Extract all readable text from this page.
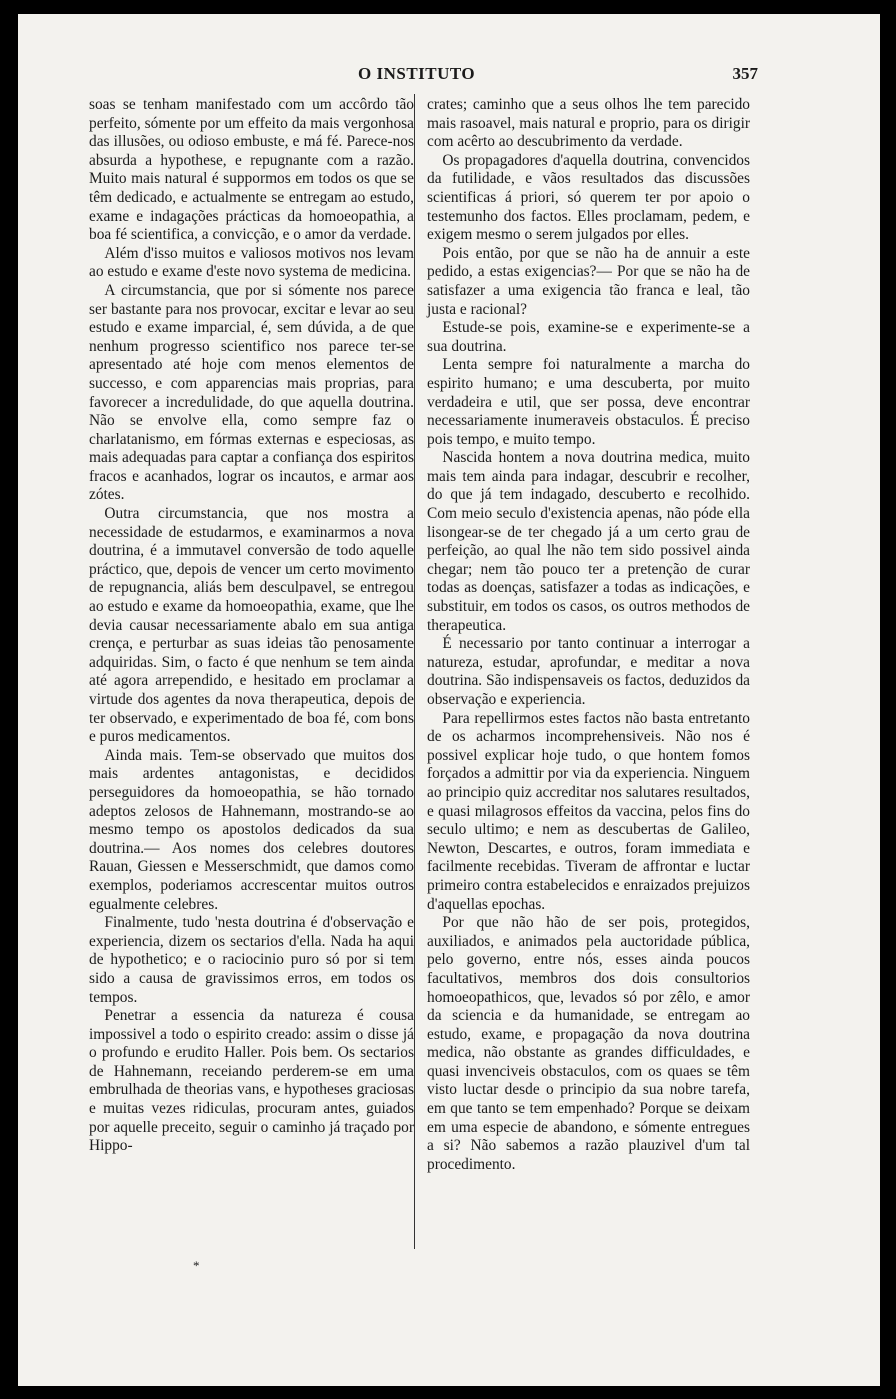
O INSTITUTO	357

soas se tenham manifestado com um accôrdo tão perfeito, sómente por um effeito da mais vergonhosa das illusões, ou odioso embuste, e má fé. Parece-nos absurda a hypothese, e repugnante com a razão. Muito mais natural é suppormos em todos os que se têm dedicado, e actualmente se entregam ao estudo, exame e indagações prácticas da homoeopathia, a boa fé scientifica, a convicção, e o amor da verdade.

Além d'isso muitos e valiosos motivos nos levam ao estudo e exame d'este novo systema de medicina.

A circumstancia, que por si sómente nos parece ser bastante para nos provocar, excitar e levar ao seu estudo e exame imparcial, é, sem dúvida, a de que nenhum progresso scientifico nos parece ter-se apresentado até hoje com menos elementos de successo, e com apparencias mais proprias, para favorecer a incredulidade, do que aquella doutrina. Não se envolve ella, como sempre faz o charlatanismo, em fórmas externas e especiosas, as mais adequadas para captar a confiança dos espiritos fracos e acanhados, lograr os incautos, e armar aos zótes.

Outra circumstancia, que nos mostra a necessidade de estudarmos, e examinarmos a nova doutrina, é a immutavel conversão de todo aquelle práctico, que, depois de vencer um certo movimento de repugnancia, aliás bem desculpavel, se entregou ao estudo e exame da homoeopathia, exame, que lhe devia causar necessariamente abalo em sua antiga crença, e perturbar as suas ideias tão penosamente adquiridas. Sim, o facto é que nenhum se tem ainda até agora arrependido, e hesitado em proclamar a virtude dos agentes da nova therapeutica, depois de ter observado, e experimentado de boa fé, com bons e puros medicamentos.

Ainda mais. Tem-se observado que muitos dos mais ardentes antagonistas, e decididos perseguidores da homoeopathia, se hão tornado adeptos zelosos de Hahnemann, mostrando-se ao mesmo tempo os apostolos dedicados da sua doutrina.— Aos nomes dos celebres doutores Rauan, Giessen e Messerschmidt, que damos como exemplos, poderiamos accrescentar muitos outros egualmente celebres.

Finalmente, tudo 'nesta doutrina é d'observação e experiencia, dizem os sectarios d'ella. Nada ha aqui de hypothetico; e o raciocinio puro só por si tem sido a causa de gravissimos erros, em todos os tempos.

Penetrar a essencia da natureza é cousa impossivel a todo o espirito creado: assim o disse já o profundo e erudito Haller. Pois bem. Os sectarios de Hahnemann, receiando perderem-se em uma embrulhada de theorias vans, e hypotheses graciosas e muitas vezes ridiculas, procuram antes, guiados por aquelle preceito, seguir o caminho já traçado por Hippo-

crates; caminho que a seus olhos lhe tem parecido mais rasoavel, mais natural e proprio, para os dirigir com acêrto ao descubrimento da verdade.

Os propagadores d'aquella doutrina, convencidos da futilidade, e vãos resultados das discussões scientificas á priori, só querem ter por apoio o testemunho dos factos. Elles proclamam, pedem, e exigem mesmo o serem julgados por elles.

Pois então, por que se não ha de annuir a este pedido, a estas exigencias?— Por que se não ha de satisfazer a uma exigencia tão franca e leal, tão justa e racional?

Estude-se pois, examine-se e experimente-se a sua doutrina.

Lenta sempre foi naturalmente a marcha do espirito humano; e uma descuberta, por muito verdadeira e util, que ser possa, deve encontrar necessariamente inumeraveis obstaculos. É preciso pois tempo, e muito tempo.

Nascida hontem a nova doutrina medica, muito mais tem ainda para indagar, descubrir e recolher, do que já tem indagado, descuberto e recolhido. Com meio seculo d'existencia apenas, não póde ella lisongear-se de ter chegado já a um certo grau de perfeição, ao qual lhe não tem sido possivel ainda chegar; nem tão pouco ter a pretenção de curar todas as doenças, satisfazer a todas as indicações, e substituir, em todos os casos, os outros methodos de therapeutica.

É necessario por tanto continuar a interrogar a natureza, estudar, aprofundar, e meditar a nova doutrina. São indispensaveis os factos, deduzidos da observação e experiencia.

Para repellirmos estes factos não basta entretanto de os acharmos incomprehensiveis. Não nos é possivel explicar hoje tudo, o que hontem fomos forçados a admittir por via da experiencia. Ninguem ao principio quiz accreditar nos salutares resultados, e quasi milagrosos effeitos da vaccina, pelos fins do seculo ultimo; e nem as descubertas de Galileo, Newton, Descartes, e outros, foram immediata e facilmente recebidas. Tiveram de affrontar e luctar primeiro contra estabelecidos e enraizados prejuizos d'aquellas epochas.

Por que não hão de ser pois, protegidos, auxiliados, e animados pela auctoridade pública, pelo governo, entre nós, esses ainda poucos facultativos, membros dos dois consultorios homoeopathicos, que, levados só por zêlo, e amor da sciencia e da humanidade, se entregam ao estudo, exame, e propagação da nova doutrina medica, não obstante as grandes difficuldades, e quasi invenciveis obstaculos, com os quaes se têm visto luctar desde o principio da sua nobre tarefa, em que tanto se tem empenhado? Porque se deixam em uma especie de abandono, e sómente entregues a si? Não sabemos a razão plauzivel d'um tal procedimento.

*
